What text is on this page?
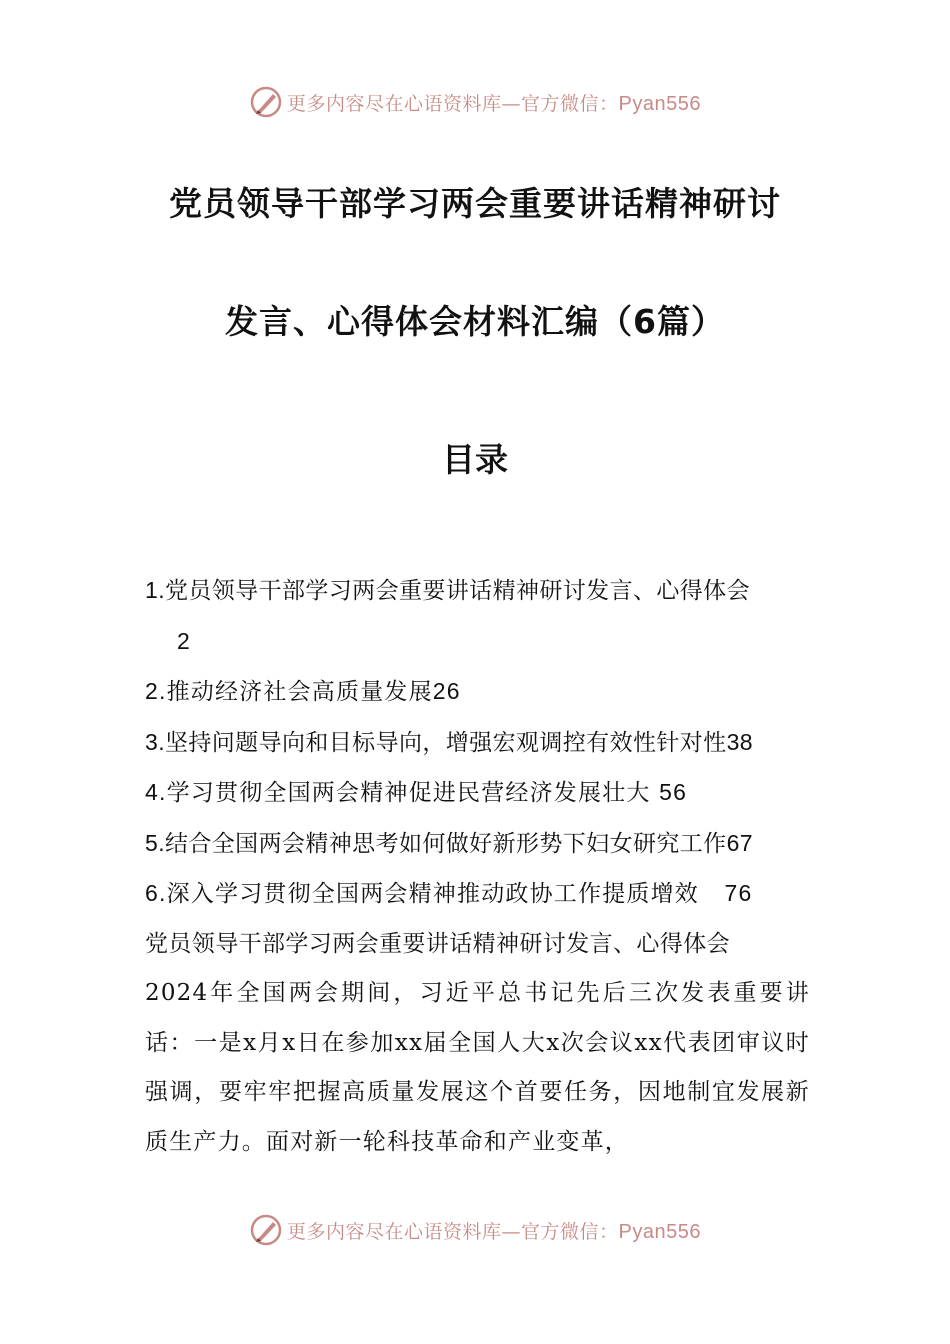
更多内容尽在心语资料库—官方微信：Pyan556
党员领导干部学习两会重要讲话精神研讨
发言、心得体会材料汇编（6篇）
目录
1.党员领导干部学习两会重要讲话精神研讨发言、心得体会
2
2.推动经济社会高质量发展26
3.坚持问题导向和目标导向，增强宏观调控有效性针对性38
4.学习贯彻全国两会精神促进民营经济发展壮大 56
5.结合全国两会精神思考如何做好新形势下妇女研究工作67
6.深入学习贯彻全国两会精神推动政协工作提质增效 76
党员领导干部学习两会重要讲话精神研讨发言、心得体会
2024年全国两会期间，习近平总书记先后三次发表重要讲话：一是x月x日在参加xx届全国人大x次会议xx代表团审议时强调，要牢牢把握高质量发展这个首要任务，因地制宜发展新质生产力。面对新一轮科技革命和产业变革，
更多内容尽在心语资料库—官方微信：Pyan556
